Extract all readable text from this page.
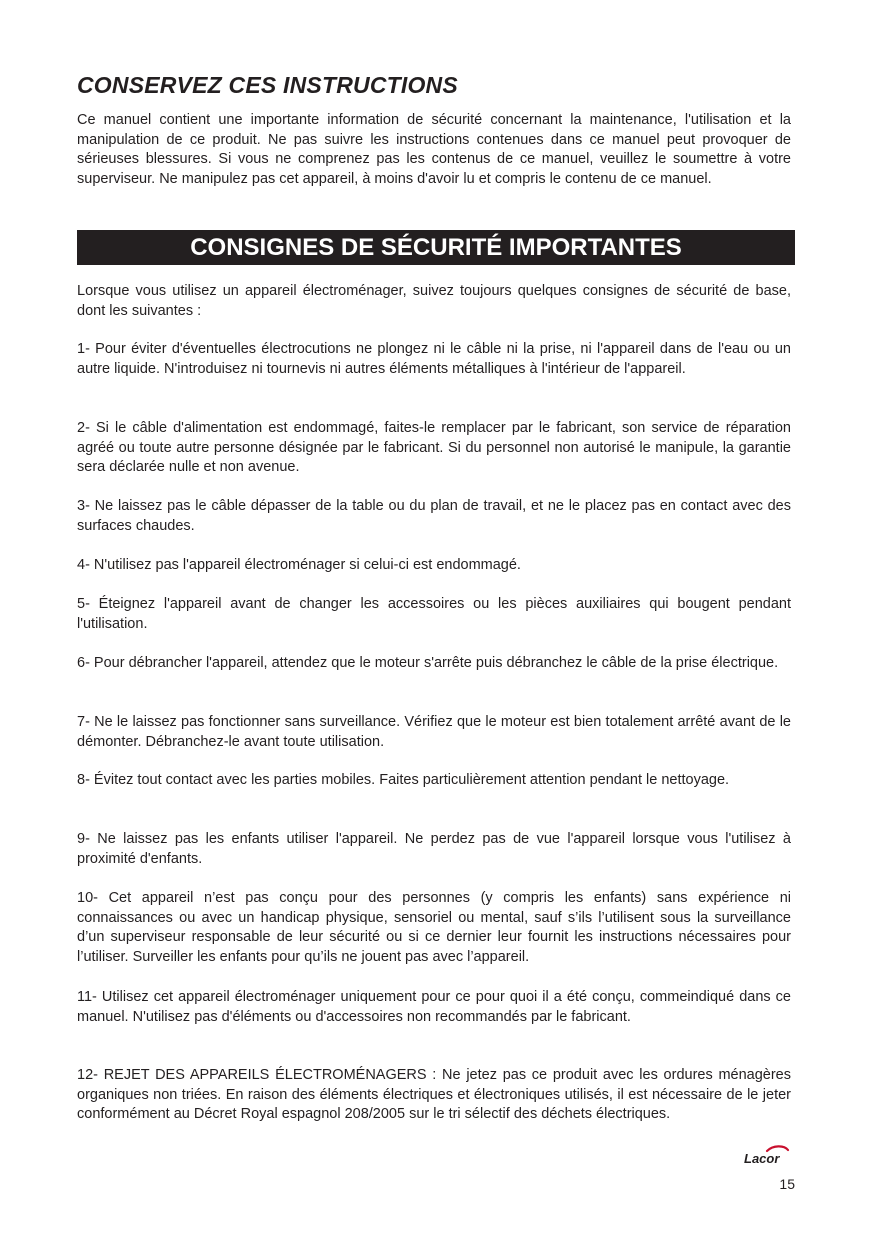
CONSERVEZ CES INSTRUCTIONS

Ce manuel contient une importante information de sécurité concernant la maintenance, l'utilisation et la manipulation de ce produit. Ne pas suivre les instructions contenues dans ce manuel peut provoquer de sérieuses blessures. Si vous ne comprenez pas les contenus de ce manuel, veuillez le soumettre à votre superviseur. Ne manipulez pas cet appareil, à moins d'avoir lu et compris le contenu de ce manuel.

CONSIGNES DE SÉCURITÉ IMPORTANTES

Lorsque vous utilisez un appareil électroménager, suivez toujours quelques consignes de sécurité de base, dont les suivantes :

1- Pour éviter d'éventuelles électrocutions ne plongez ni le câble ni la prise, ni l'appareil dans de l'eau ou un autre liquide. N'introduisez ni tournevis ni autres éléments métalliques à l'intérieur de l'appareil.

2- Si le câble d'alimentation est endommagé, faites-le remplacer par le fabricant, son service de réparation agréé ou toute autre personne désignée par le fabricant. Si du personnel non autorisé le manipule, la garantie sera déclarée nulle et non avenue.

3- Ne laissez pas le câble dépasser de la table ou du plan de travail, et ne le placez pas en contact avec des surfaces chaudes.

4- N'utilisez pas l'appareil électroménager si celui-ci est endommagé.

5- Éteignez l'appareil avant de changer les accessoires ou les pièces auxiliaires qui bougent pendant l'utilisation.

6- Pour débrancher l'appareil, attendez que le moteur s'arrête puis débranchez le câble de la prise électrique.

7- Ne le laissez pas fonctionner sans surveillance. Vérifiez que le moteur est bien totalement arrêté avant de le démonter. Débranchez-le avant toute utilisation.

8- Évitez tout contact avec les parties mobiles. Faites particulièrement attention pendant le nettoyage.

9- Ne laissez pas les enfants utiliser l'appareil. Ne perdez pas de vue l'appareil lorsque vous l'utilisez à proximité d'enfants.

10- Cet appareil n’est pas conçu pour des personnes (y compris les enfants) sans expérience ni connaissances ou avec un handicap physique, sensoriel ou mental, sauf s’ils l’utilisent sous la surveillance d’un superviseur responsable de leur sécurité ou si ce dernier leur fournit les instructions nécessaires pour l’utiliser. Surveiller les enfants pour qu’ils ne jouent pas avec l’appareil.

11- Utilisez cet appareil électroménager uniquement pour ce pour quoi il a été conçu, commeindiqué dans ce manuel. N'utilisez pas d'éléments ou d'accessoires non recommandés par le fabricant.

12- REJET DES APPAREILS ÉLECTROMÉNAGERS : Ne jetez pas ce produit avec les ordures ménagères organiques non triées. En raison des éléments électriques et électroniques utilisés, il est nécessaire de le jeter conformément au Décret Royal espagnol 208/2005 sur le tri sélectif des déchets électriques.

Lacor
15
